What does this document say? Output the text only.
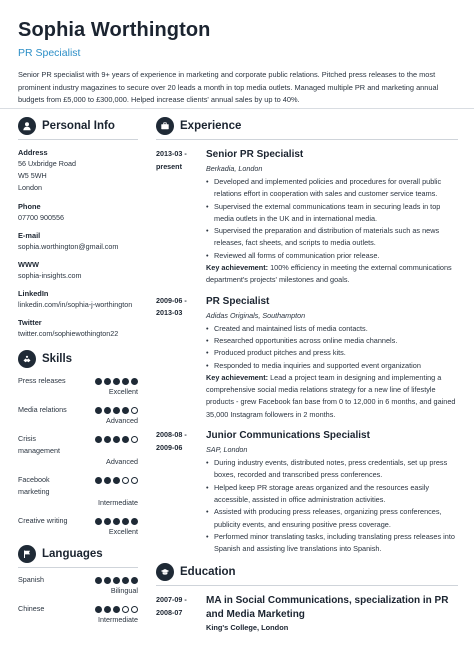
Sophia Worthington
PR Specialist
Senior PR specialist with 9+ years of experience in marketing and corporate public relations. Pitched press releases to the most prominent industry magazines to secure over 20 leads a month in top media outlets. Managed multiple PR and marketing annual budgets from £5,000 to £300,000. Helped increase clients' annual sales by up to 40%.
Personal Info
Address
56 Uxbridge Road
W5 5WH
London
Phone
07700 900556
E-mail
sophia.worthington@gmail.com
WWW
sophia-insights.com
LinkedIn
linkedin.com/in/sophia-j-worthington
Twitter
twitter.com/sophiewothington22
Skills
Press releases
Excellent
Media relations
Advanced
Crisis management
Advanced
Facebook marketing
Intermediate
Creative writing
Excellent
Languages
Spanish
Bilingual
Chinese
Intermediate
Experience
2013-03 -
present
Senior PR Specialist
Berkadia, London
• Developed and implemented policies and procedures for overall public relations effort in cooperation with sales and customer service teams.
• Supervised the external communications team in securing leads in top media outlets in the UK and in international media.
• Supervised the preparation and distribution of materials such as news releases, fact sheets, and scripts to media outlets.
• Reviewed all forms of communication prior release.
Key achievement: 100% efficiency in meeting the external communications department's projects' milestones and goals.
2009-06 -
2013-03
PR Specialist
Adidas Originals, Southampton
• Created and maintained lists of media contacts.
• Researched opportunities across online media channels.
• Produced product pitches and press kits.
• Responded to media inquiries and supported event organization
Key achievement: Lead a project team in designing and implementing a comprehensive social media relations strategy for a new line of lifestyle products - grew Facebook fan base from 0 to 12,000 in 6 months, and gained 35,000 Instagram followers in 2 months.
2008-08 -
2009-06
Junior Communications Specialist
SAP, London
• During industry events, distributed notes, press credentials, set up press boxes, recorded and transcribed press conferences.
• Helped keep PR storage areas organized and the resources easily accessible, assisted in office administration activities.
• Assisted with producing press releases, organizing press conferences, publicity events, and ensuring positive press coverage.
• Performed minor translating tasks, including translating press releases into Spanish and assisting live translations into Spanish.
Education
2007-09 -
2008-07
MA in Social Communications, specialization in PR and Media Marketing
King's College, London
